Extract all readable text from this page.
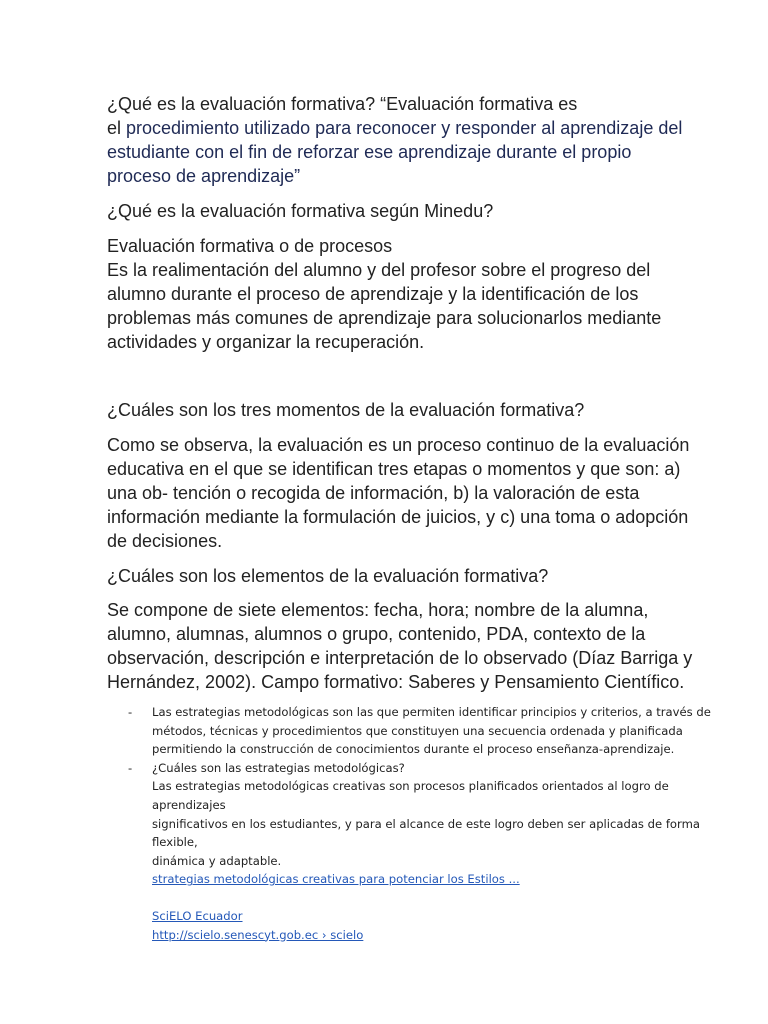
¿Qué es la evaluación formativa? “Evaluación formativa es
el procedimiento utilizado para reconocer y responder al aprendizaje del
estudiante con el fin de reforzar ese aprendizaje durante el propio
proceso de aprendizaje”
¿Qué es la evaluación formativa según Minedu?
Evaluación formativa o de procesos
Es la realimentación del alumno y del profesor sobre el progreso del
alumno durante el proceso de aprendizaje y la identificación de los
problemas más comunes de aprendizaje para solucionarlos mediante
actividades y organizar la recuperación.
¿Cuáles son los tres momentos de la evaluación formativa?
Como se observa, la evaluación es un proceso continuo de la evaluación
educativa en el que se identifican tres etapas o momentos y que son: a)
una ob- tención o recogida de información, b) la valoración de esta
información mediante la formulación de juicios, y c) una toma o adopción
de decisiones.
¿Cuáles son los elementos de la evaluación formativa?
Se compone de siete elementos: fecha, hora; nombre de la alumna,
alumno, alumnas, alumnos o grupo, contenido, PDA, contexto de la
observación, descripción e interpretación de lo observado (Díaz Barriga y
Hernández, 2002). Campo formativo: Saberes y Pensamiento Científico.
- Las estrategias metodológicas son las que permiten identificar principios y criterios, a través de
métodos, técnicas y procedimientos que constituyen una secuencia ordenada y planificada
permitiendo la construcción de conocimientos durante el proceso enseñanza-aprendizaje.
- ¿Cuáles son las estrategias metodológicas?
Las estrategias metodológicas creativas son procesos planificados orientados al logro de aprendizajes
significativos en los estudiantes, y para el alcance de este logro deben ser aplicadas de forma flexible,
dinámica y adaptable.
strategias metodológicas creativas para potenciar los Estilos ...
SciELO Ecuador
http://scielo.senescyt.gob.ec › scielo
